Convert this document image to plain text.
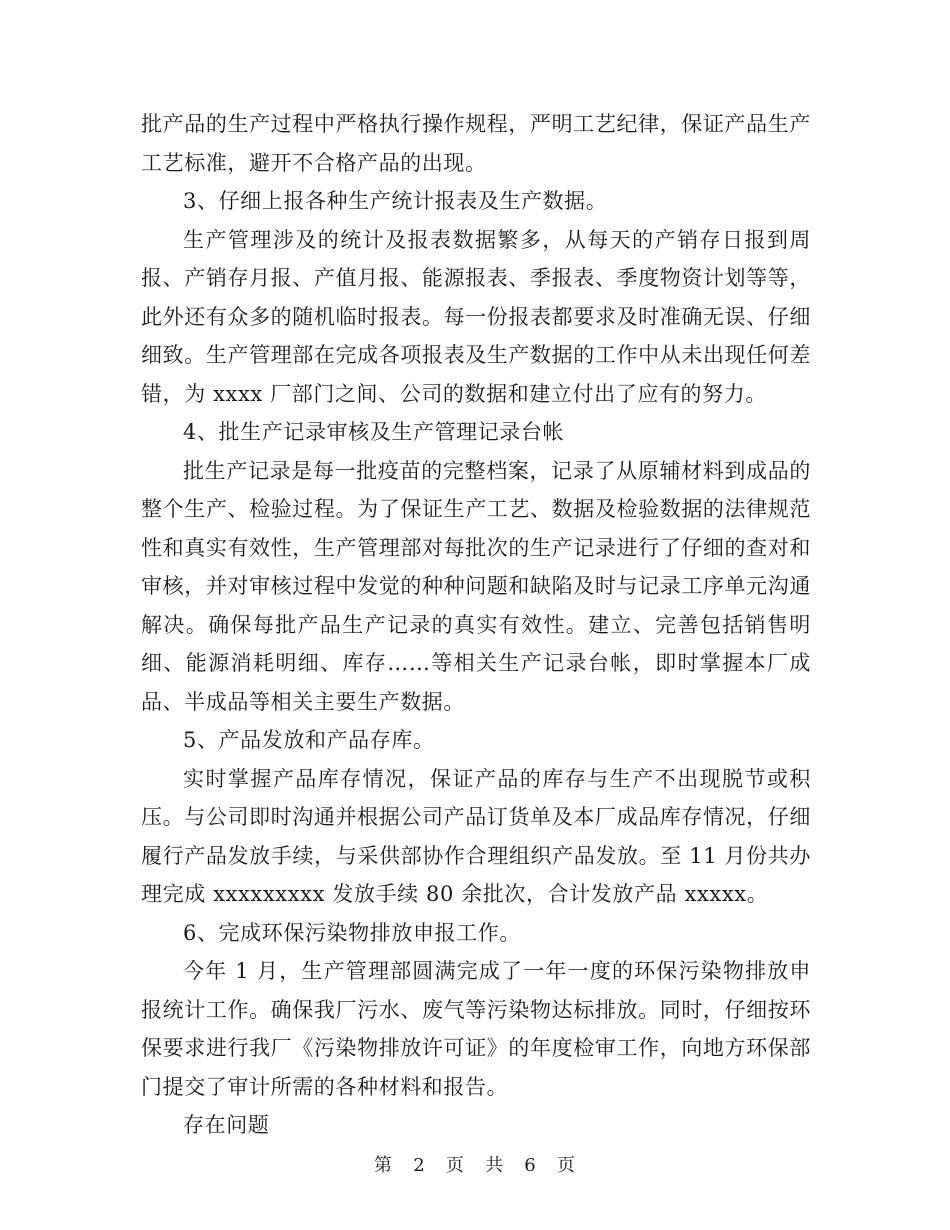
批产品的生产过程中严格执行操作规程，严明工艺纪律，保证产品生产工艺标准，避开不合格产品的出现。

3、仔细上报各种生产统计报表及生产数据。

生产管理涉及的统计及报表数据繁多，从每天的产销存日报到周报、产销存月报、产值月报、能源报表、季报表、季度物资计划等等，此外还有众多的随机临时报表。每一份报表都要求及时准确无误、仔细细致。生产管理部在完成各项报表及生产数据的工作中从未出现任何差错，为 xxxx 厂部门之间、公司的数据和建立付出了应有的努力。

4、批生产记录审核及生产管理记录台帐

批生产记录是每一批疫苗的完整档案，记录了从原辅材料到成品的整个生产、检验过程。为了保证生产工艺、数据及检验数据的法律规范性和真实有效性，生产管理部对每批次的生产记录进行了仔细的查对和审核，并对审核过程中发觉的种种问题和缺陷及时与记录工序单元沟通解决。确保每批产品生产记录的真实有效性。建立、完善包括销售明细、能源消耗明细、库存……等相关生产记录台帐，即时掌握本厂成品、半成品等相关主要生产数据。

5、产品发放和产品存库。

实时掌握产品库存情况，保证产品的库存与生产不出现脱节或积压。与公司即时沟通并根据公司产品订货单及本厂成品库存情况，仔细履行产品发放手续，与采供部协作合理组织产品发放。至 11 月份共办理完成 xxxxxxxxx 发放手续 80 余批次，合计发放产品 xxxxx。

6、完成环保污染物排放申报工作。

今年 1 月，生产管理部圆满完成了一年一度的环保污染物排放申报统计工作。确保我厂污水、废气等污染物达标排放。同时，仔细按环保要求进行我厂《污染物排放许可证》的年度检审工作，向地方环保部门提交了审计所需的各种材料和报告。

存在问题

第 2 页 共 6 页
